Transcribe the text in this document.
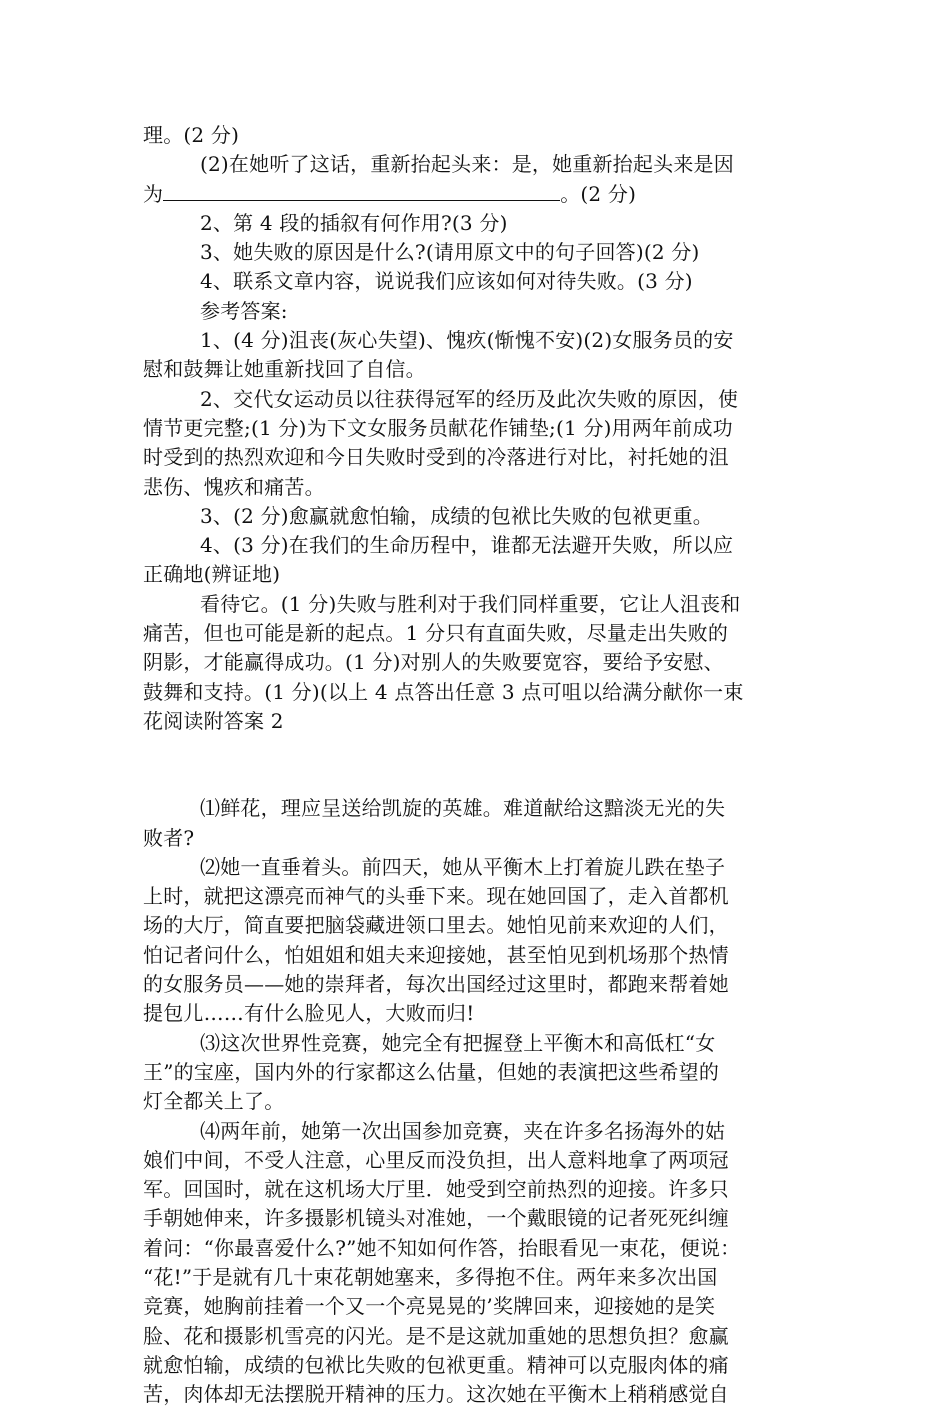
理。(2 分)
(2)在她听了这话，重新抬起头来：是，她重新抬起头来是因
为	。(2 分)
2、第 4 段的插叙有何作用?(3 分)
3、她失败的原因是什么?(请用原文中的句子回答)(2 分)
4、联系文章内容，说说我们应该如何对待失败。(3 分)
参考答案:
1、(4 分)沮丧(灰心失望)、愧疚(惭愧不安)(2)女服务员的安
慰和鼓舞让她重新找回了自信。
2、交代女运动员以往获得冠军的经历及此次失败的原因，使
情节更完整;(1 分)为下文女服务员献花作铺垫;(1 分)用两年前成功
时受到的热烈欢迎和今日失败时受到的冷落进行对比，衬托她的沮
悲伤、愧疚和痛苦。
3、(2 分)愈赢就愈怕输，成绩的包袱比失败的包袱更重。
4、(3 分)在我们的生命历程中，谁都无法避开失败，所以应
正确地(辨证地)
看待它。(1 分)失败与胜利对于我们同样重要，它让人沮丧和
痛苦，但也可能是新的起点。1 分只有直面失败，尽量走出失败的
阴影，才能赢得成功。(1 分)对别人的失败要宽容，要给予安慰、
鼓舞和支持。(1 分)(以上 4 点答出任意 3 点可咀以给满分献你一束
花阅读附答案 2
⑴鲜花，理应呈送给凯旋的英雄。难道献给这黯淡无光的失
败者?
⑵她一直垂着头。前四天，她从平衡木上打着旋儿跌在垫子
上时，就把这漂亮而神气的头垂下来。现在她回国了，走入首都机
场的大厅，简直要把脑袋藏进领口里去。她怕见前来欢迎的人们，
怕记者问什么，怕姐姐和姐夫来迎接她，甚至怕见到机场那个热情
的女服务员——她的崇拜者，每次出国经过这里时，都跑来帮着她
提包儿……有什么脸见人，大败而归!
⑶这次世界性竞赛，她完全有把握登上平衡木和高低杠“女
王”的宝座，国内外的行家都这么估量，但她的表演把这些希望的
灯全都关上了。
⑷两年前，她第一次出国参加竞赛，夹在许多名扬海外的姑
娘们中间，不受人注意，心里反而没负担，出人意料地拿了两项冠
军。回国时，就在这机场大厅里．她受到空前热烈的迎接。许多只
手朝她伸来，许多摄影机镜头对准她，一个戴眼镜的记者死死纠缠
着问：“你最喜爱什么?”她不知如何作答，抬眼看见一束花，便说：
“花!”于是就有几十束花朝她塞来，多得抱不住。两年来多次出国
竞赛，她胸前挂着一个又一个亮晃晃的’奖牌回来，迎接她的是笑
脸、花和摄影机雪亮的闪光。是不是这就加重她的思想负担？愈赢
就愈怕输，成绩的包袱比失败的包袱更重。精神可以克服肉体的痛
苦，肉体却无法摆脱开精神的压力。这次她在平衡木上稍稍感觉自
